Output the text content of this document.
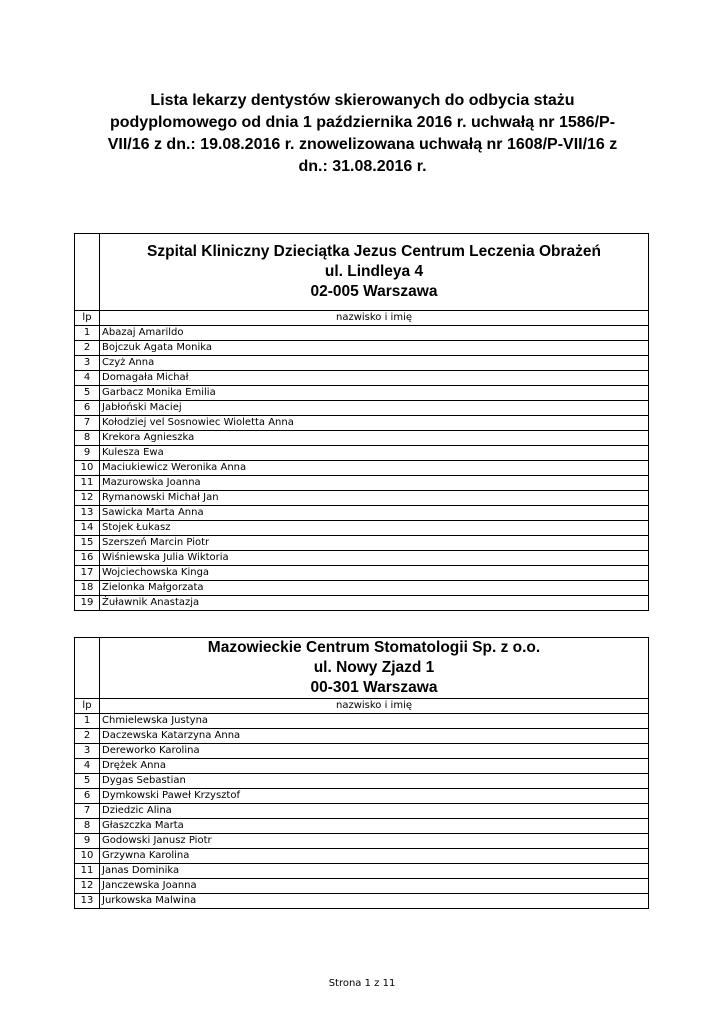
Lista lekarzy dentystów skierowanych do odbycia stażu
podyplomowego od dnia 1 października 2016 r. uchwałą nr 1586/P-
VII/16 z dn.: 19.08.2016 r. znowelizowana uchwałą nr 1608/P-VII/16 z
dn.: 31.08.2016 r.

	Szpital Kliniczny Dzieciątka Jezus Centrum Leczenia Obrażeń
ul. Lindleya 4
02-005 Warszawa

lp	nazwisko i imię
1	Abazaj Amarildo
2	Bojczuk Agata Monika
3	Czyż Anna
4	Domagała Michał
5	Garbacz Monika Emilia
6	Jabłoński Maciej
7	Kołodziej vel Sosnowiec Wioletta Anna
8	Krekora Agnieszka
9	Kulesza Ewa
10	Maciukiewicz Weronika Anna
11	Mazurowska Joanna
12	Rymanowski Michał Jan
13	Sawicka Marta Anna
14	Stojek Łukasz
15	Szerszeń Marcin Piotr
16	Wiśniewska Julia Wiktoria
17	Wojciechowska Kinga
18	Zielonka Małgorzata
19	Żuławnik Anastazja

	Mazowieckie Centrum Stomatologii Sp. z o.o.
ul. Nowy Zjazd 1
00-301 Warszawa

lp	nazwisko i imię
1	Chmielewska Justyna
2	Daczewska Katarzyna Anna
3	Dereworko Karolina
4	Drężek Anna
5	Dygas Sebastian
6	Dymkowski Paweł Krzysztof
7	Dziedzic Alina
8	Głaszczka Marta
9	Godowski Janusz Piotr
10	Grzywna Karolina
11	Janas Dominika
12	Janczewska Joanna
13	Jurkowska Malwina
Strona 1 z 11
